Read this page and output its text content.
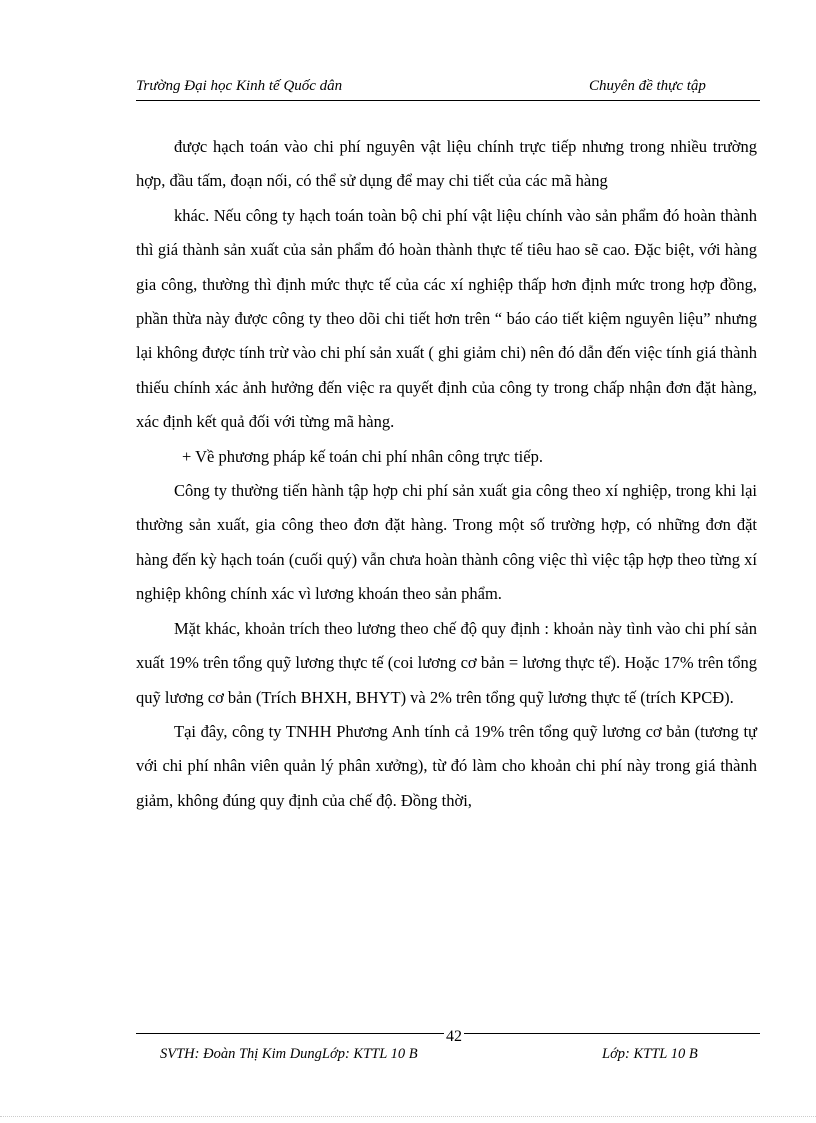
Trường Đại học Kinh tế Quốc dân	Chuyên đề thực tập

được hạch toán vào chi phí nguyên vật liệu chính trực tiếp nhưng trong nhiều trường hợp, đầu tấm, đoạn nối, có thể sử dụng để may chi tiết của các mã hàng

khác. Nếu công ty hạch toán toàn bộ chi phí vật liệu chính vào sản phẩm đó hoàn thành thì giá thành sản xuất của sản phẩm đó hoàn thành thực tế tiêu hao sẽ cao. Đặc biệt, với hàng gia công, thường thì định mức thực tế của các xí nghiệp thấp hơn định mức trong hợp đồng, phần thừa này được công ty theo dõi chi tiết hơn trên “ báo cáo tiết kiệm nguyên liệu” nhưng lại không được tính trừ vào chi phí sản xuất ( ghi giảm chi) nên đó dẫn đến việc tính giá thành thiếu chính xác ảnh hưởng đến việc ra quyết định của công ty trong chấp nhận đơn đặt hàng, xác định kết quả đối với từng mã hàng.

+ Về phương pháp kế toán chi phí nhân công trực tiếp.

Công ty thường tiến hành tập hợp chi phí sản xuất gia công theo xí nghiệp, trong khi lại thường sản xuất, gia công theo đơn đặt hàng. Trong một số trường hợp, có những đơn đặt hàng đến kỳ hạch toán (cuối quý) vẫn chưa hoàn thành công việc thì việc tập hợp theo từng xí nghiệp không chính xác vì lương khoán theo sản phẩm.

Mặt khác, khoản trích theo lương theo chế độ quy định : khoản này tình vào chi phí sản xuất 19% trên tổng quỹ lương thực tế (coi lương cơ bản = lương thực tế). Hoặc 17% trên tổng quỹ lương cơ bản (Trích BHXH, BHYT) và 2% trên tổng quỹ lương thực tế (trích KPCĐ).

Tại đây, công ty TNHH Phương Anh tính cả 19% trên tổng quỹ lương cơ bản (tương tự với chi phí nhân viên quản lý phân xưởng), từ đó làm cho khoản chi phí này trong giá thành giảm, không đúng quy định của chế độ. Đồng thời,

42
SVTH: Đoàn Thị Kim DungLớp: KTTL 10 B	Lớp: KTTL 10 B
